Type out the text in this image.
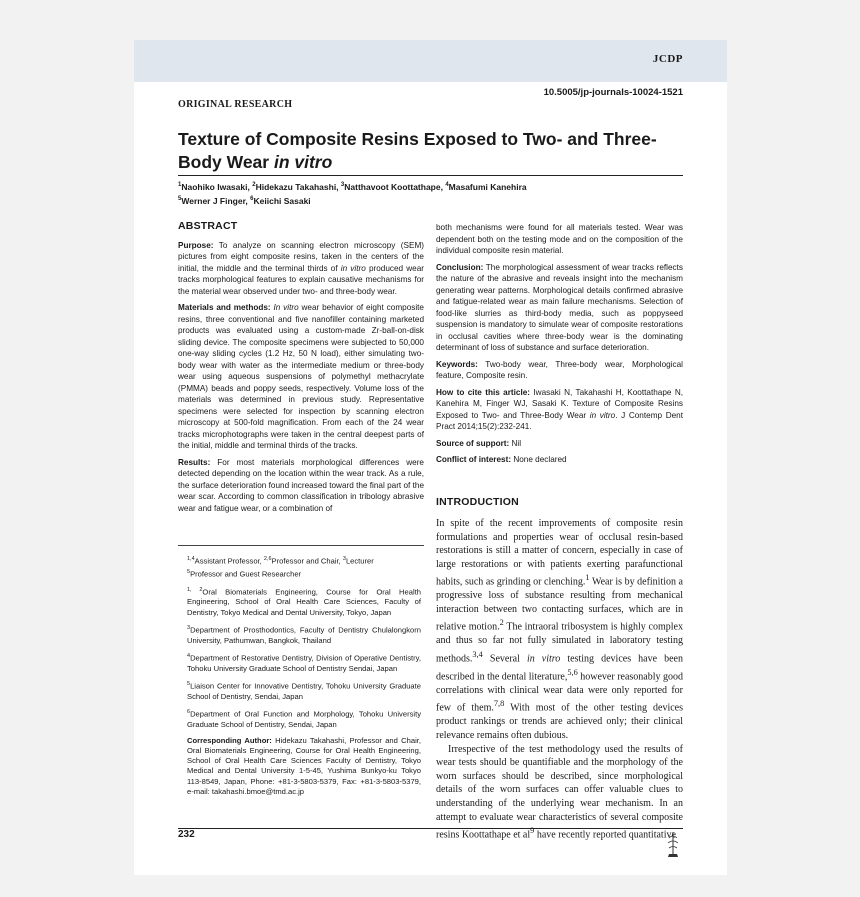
JCDP
10.5005/jp-journals-10024-1521
ORIGINAL RESEARCH
Texture of Composite Resins Exposed to Two- and Three-Body Wear in vitro
$^1$Naohiko Iwasaki, $^2$Hidekazu Takahashi, $^3$Natthavoot Koottathape, $^4$Masafumi Kanehira
$^5$Werner J Finger, $^6$Keiichi Sasaki

ABSTRACT

Purpose: To analyze on scanning electron microscopy (SEM) pictures from eight composite resins, taken in the centers of the initial, the middle and the terminal thirds of in vitro produced wear tracks morphological features to explain causative mechanisms for the material wear observed under two- and three-body wear.

Materials and methods: In vitro wear behavior of eight composite resins, three conventional and five nanofiller containing marketed products was evaluated using a custom-made Zr-ball-on-disk sliding device. The composite specimens were subjected to 50,000 one-way sliding cycles (1.2 Hz, 50 N load), either simulating two-body wear with water as the intermediate medium or three-body wear using aqueous suspensions of polymethyl methacrylate (PMMA) beads and poppy seeds, respectively. Volume loss of the materials was determined in previous study. Representative specimens were selected for inspection by scanning electron microscopy at 500-fold magnification. From each of the 24 wear tracks microphotographs were taken in the central deepest parts of the initial, middle and terminal thirds of the tracks.

Results: For most materials morphological differences were detected depending on the location within the wear track. As a rule, the surface deterioration found increased toward the final part of the wear scar. According to common classification in tribology abrasive wear and fatigue wear, or a combination of

$^{1,4}$Assistant Professor, $^{2,6}$Professor and Chair, $^3$Lecturer
$^5$Professor and Guest Researcher

$^{1, 2}$Oral Biomaterials Engineering, Course for Oral Health Engineering, School of Oral Health Care Sciences, Faculty of Dentistry, Tokyo Medical and Dental University, Tokyo, Japan

$^3$Department of Prosthodontics, Faculty of Dentistry Chulalongkorn University, Pathumwan, Bangkok, Thailand

$^4$Department of Restorative Dentistry, Division of Operative Dentistry, Tohoku University Graduate School of Dentistry Sendai, Japan

$^5$Liaison Center for Innovative Dentistry, Tohoku University Graduate School of Dentistry, Sendai, Japan

$^6$Department of Oral Function and Morphology, Tohoku University Graduate School of Dentistry, Sendai, Japan

Corresponding Author: Hidekazu Takahashi, Professor and Chair, Oral Biomaterials Engineering, Course for Oral Health Engineering, School of Oral Health Care Sciences Faculty of Dentistry, Tokyo Medical and Dental University 1-5-45, Yushima Bunkyo-ku Tokyo 113-8549, Japan, Phone: +81-3-5803-5379, Fax: +81-3-5803-5379, e-mail: takahashi.bmoe@tmd.ac.jp

both mechanisms were found for all materials tested. Wear was dependent both on the testing mode and on the composition of the individual composite resin material.

Conclusion: The morphological assessment of wear tracks reflects the nature of the abrasive and reveals insight into the mechanism generating wear patterns. Morphological details confirmed abrasive and fatigue-related wear as main failure mechanisms. Selection of food-like slurries as third-body media, such as poppyseed suspension is mandatory to simulate wear of composite restorations in occlusal cavities where three-body wear is the dominating determinant of loss of substance and surface deterioration.

Keywords: Two-body wear, Three-body wear, Morphological feature, Composite resin.

How to cite this article: Iwasaki N, Takahashi H, Koottathape N, Kanehira M, Finger WJ, Sasaki K. Texture of Composite Resins Exposed to Two- and Three-Body Wear in vitro. J Contemp Dent Pract 2014;15(2):232-241.

Source of support: Nil

Conflict of interest: None declared

INTRODUCTION

In spite of the recent improvements of composite resin formulations and properties wear of occlusal resin-based restorations is still a matter of concern, especially in case of large restorations or with patients exerting parafunctional habits, such as grinding or clenching.$^1$ Wear is by definition a progressive loss of substance resulting from mechanical interaction between two contacting surfaces, which are in relative motion.$^2$ The intraoral tribosystem is highly complex and thus so far not fully simulated in laboratory testing methods.$^{3,4}$ Several in vitro testing devices have been described in the dental literature,$^{5,6}$ however reasonably good correlations with clinical wear data were only reported for few of them.$^{7,8}$ With most of the other testing devices product rankings or trends are achieved only; their clinical relevance remains often dubious.

Irrespective of the test methodology used the results of wear tests should be quantifiable and the morphology of the worn surfaces should be described, since morphological details of the worn surfaces can offer valuable clues to understanding of the underlying wear mechanism. In an attempt to evaluate wear characteristics of several composite resins Koottathape et $al^9$ have recently reported quantitative

232
